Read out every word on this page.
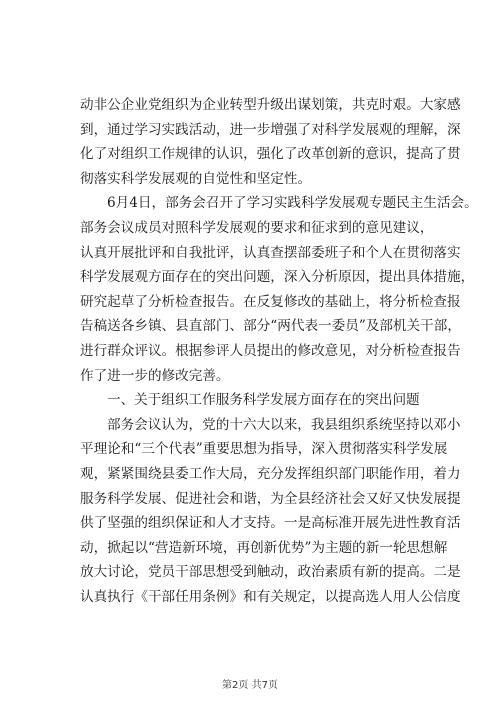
动非公企业党组织为企业转型升级出谋划策，共克时艰。大家感
到，通过学习实践活动，进一步增强了对科学发展观的理解，深
化了对组织工作规律的认识，强化了改革创新的意识，提高了贯
彻落实科学发展观的自觉性和坚定性。
6月4日，部务会召开了学习实践科学发展观专题民主生活会。
部务会议成员对照科学发展观的要求和征求到的意见建议，
认真开展批评和自我批评，认真查摆部委班子和个人在贯彻落实
科学发展观方面存在的突出问题，深入分析原因，提出具体措施，
研究起草了分析检查报告。在反复修改的基础上，将分析检查报
告稿送各乡镇、县直部门、部分“两代表一委员”及部机关干部，
进行群众评议。根据参评人员提出的修改意见，对分析检查报告
作了进一步的修改完善。
一、关于组织工作服务科学发展方面存在的突出问题
部务会议认为，党的十六大以来，我县组织系统坚持以邓小
平理论和“三个代表”重要思想为指导，深入贯彻落实科学发展
观，紧紧围绕县委工作大局，充分发挥组织部门职能作用，着力
服务科学发展、促进社会和谐，为全县经济社会又好又快发展提
供了坚强的组织保证和人才支持。一是高标准开展先进性教育活
动，掀起以“营造新环境，再创新优势”为主题的新一轮思想解
放大讨论，党员干部思想受到触动，政治素质有新的提高。二是
认真执行《干部任用条例》和有关规定，以提高选人用人公信度
第2页 共7页
